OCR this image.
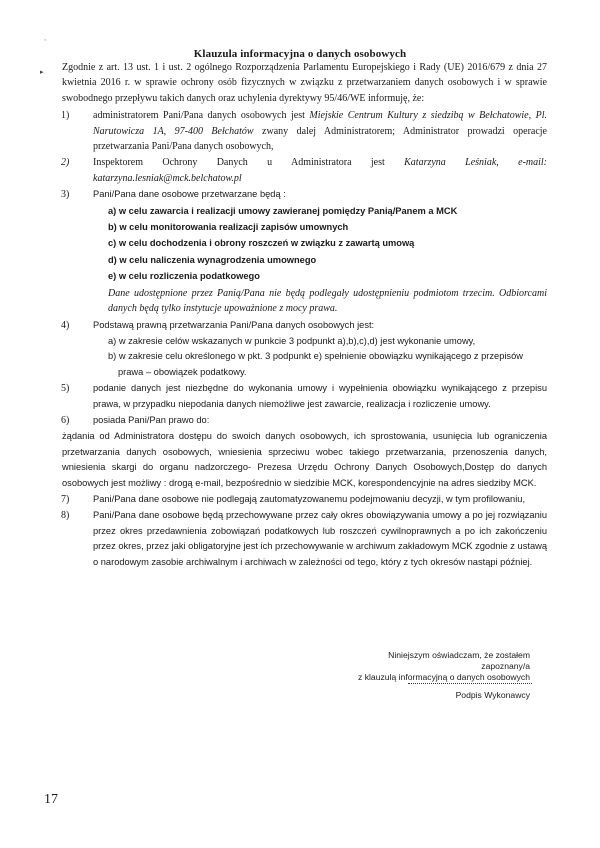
◦
▸
Klauzula informacyjna o danych osobowych

Zgodnie z art. 13 ust. 1 i ust. 2 ogólnego Rozporządzenia Parlamentu Europejskiego i Rady (UE) 2016/679 z dnia 27 kwietnia 2016 r. w sprawie ochrony osób fizycznych w związku z przetwarzaniem danych osobowych i w sprawie swobodnego przepływu takich danych oraz uchylenia dyrektywy 95/46/WE informuję, że:

1) administratorem Pani/Pana danych osobowych jest Miejskie Centrum Kultury z siedzibą w Bełchatowie, Pl. Narutowicza 1A, 97-400 Bełchatów zwany dalej Administratorem; Administrator prowadzi operacje przetwarzania Pani/Pana danych osobowych,
2) Inspektorem Ochrony Danych u Administratora jest Katarzyna Leśniak, e-mail: katarzyna.lesniak@mck.belchatow.pl
3)	Pani/Pana dane osobowe przetwarzane będą :
a) w celu zawarcia i realizacji umowy zawieranej pomiędzy Panią/Panem a MCK
b) w celu monitorowania realizacji zapisów umownych
c) w celu dochodzenia i obrony roszczeń w związku z zawartą umową
d) w celu naliczenia wynagrodzenia umownego
e) w celu rozliczenia podatkowego

Dane udostępnione przez Panią/Pana nie będą podlegały udostępnieniu podmiotom trzecim. Odbiorcami danych będą tylko instytucje upoważnione z mocy prawa.

4)	Podstawą prawną przetwarzania Pani/Pana danych osobowych jest:
a) w zakresie celów wskazanych w punkcie 3 podpunkt a),b),c),d) jest wykonanie umowy,
b) w zakresie celu określonego w pkt. 3 podpunkt e) spełnienie obowiązku wynikającego z przepisów
prawa – obowiązek podatkowy.
5)	podanie danych jest niezbędne do wykonania umowy i wypełnienia obowiązku wynikającego z przepisu prawa, w przypadku niepodania danych niemożliwe jest zawarcie, realizacja i rozliczenie umowy.
6)	posiada Pani/Pan prawo do:

żądania od Administratora dostępu do swoich danych osobowych, ich sprostowania, usunięcia lub ograniczenia przetwarzania danych osobowych, wniesienia sprzeciwu wobec takiego przetwarzania, przenoszenia danych, wniesienia skargi do organu nadzorczego- Prezesa Urzędu Ochrony Danych Osobowych,Dostęp do danych osobowych jest możliwy : drogą e-mail, bezpośrednio w siedzibie MCK, korespondencyjnie na adres siedziby MCK.

7)	Pani/Pana dane osobowe nie podlegają zautomatyzowanemu podejmowaniu decyzji, w tym profilowaniu,
8)	Pani/Pana dane osobowe będą przechowywane przez cały okres obowiązywania umowy a po jej rozwiązaniu przez okres przedawnienia zobowiązań podatkowych lub roszczeń cywilnoprawnych a po ich zakończeniu przez okres, przez jaki obligatoryjne jest ich przechowywanie w archiwum zakładowym MCK zgodnie z ustawą o narodowym zasobie archiwalnym i archiwach w zależności od tego, który z tych okresów nastąpi później.
Niniejszym oświadczam, że zostałem zapoznany/a
z klauzulą informacyjną o danych osobowych
Podpis Wykonawcy
17
